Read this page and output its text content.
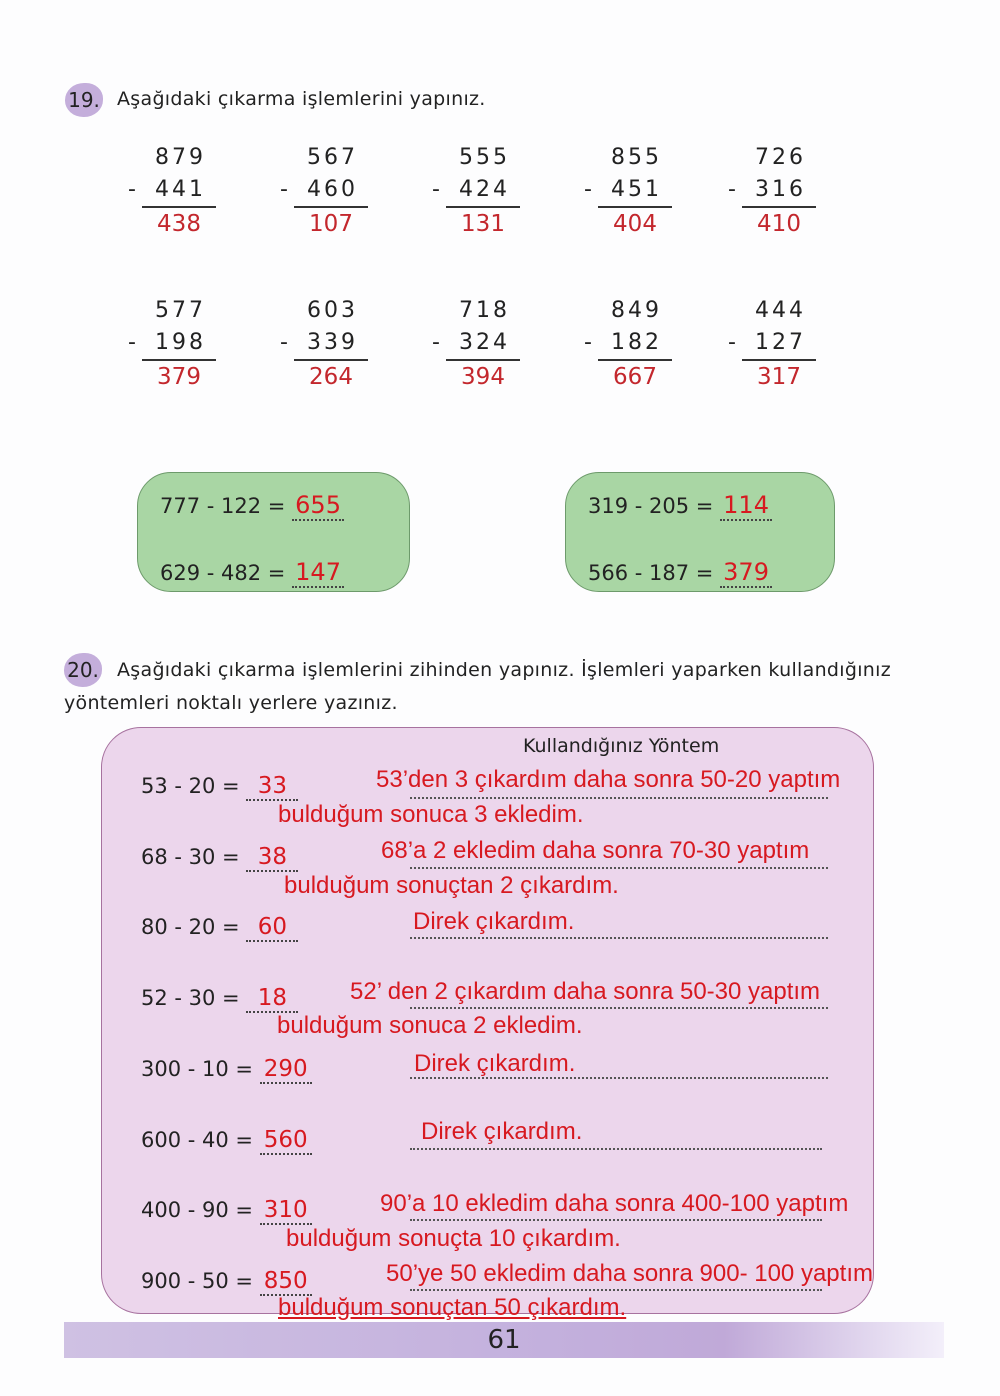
19. Aşağıdaki çıkarma işlemlerini yapınız.
879
- 441
438
567
- 460
107
555
- 424
131
855
- 451
404
726
- 316
410
577
- 198
379
603
- 339
264
718
- 324
394
849
- 182
667
444
- 127
317
777 - 122 = 655
629 - 482 = 147
319 - 205 = 114
566 - 187 = 379
20. Aşağıdaki çıkarma işlemlerini zihinden yapınız. İşlemleri yaparken kullandığınız
yöntemleri noktalı yerlere yazınız.
Kullandığınız Yöntem
53 - 20 = 33	53’den 3 çıkardım daha sonra 50-20 yaptım
bulduğum sonuca 3 ekledim.
68 - 30 = 38	68’a 2 ekledim daha sonra 70-30 yaptım
bulduğum sonuçtan 2 çıkardım.
80 - 20 = 60	Direk çıkardım.
52 - 30 = 18	52’ den 2 çıkardım daha sonra 50-30 yaptım
bulduğum sonuca 2 ekledim.
300 - 10 = 290	Direk çıkardım.
600 - 40 = 560	Direk çıkardım.
400 - 90 = 310	90’a 10 ekledim daha sonra 400-100 yaptım
bulduğum sonuçta 10 çıkardım.
900 - 50 = 850	50’ye 50 ekledim daha sonra 900- 100 yaptım
bulduğum sonuçtan 50 çıkardım.
61
